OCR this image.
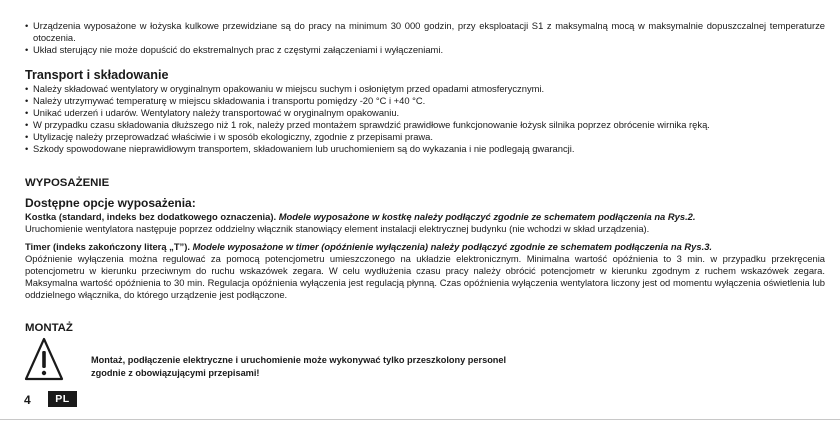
• Urządzenia wyposażone w łożyska kulkowe przewidziane są do pracy na minimum 30 000 godzin, przy eksploatacji S1 z maksymalną mocą w maksymalnie dopuszczalnej temperaturze otoczenia.
• Układ sterujący nie może dopuścić do ekstremalnych prac z częstymi załączeniami i wyłączeniami.
Transport i składowanie
• Należy składować wentylatory w oryginalnym opakowaniu w miejscu suchym i osłoniętym przed opadami atmosferycznymi.
• Należy utrzymywać temperaturę w miejscu składowania i transportu pomiędzy -20 °C i +40 °C.
• Unikać uderzeń i udarów. Wentylatory należy transportować w oryginalnym opakowaniu.
• W przypadku czasu składowania dłuższego niż 1 rok, należy przed montażem sprawdzić prawidłowe funkcjonowanie łożysk silnika poprzez obrócenie wirnika ręką.
• Utylizację należy przeprowadzać właściwie i w sposób ekologiczny, zgodnie z przepisami prawa.
• Szkody spowodowane nieprawidłowym transportem, składowaniem lub uruchomieniem są do wykazania i nie podlegają gwarancji.
WYPOSAŻENIE
Dostępne opcje wyposażenia:
Kostka (standard, indeks bez dodatkowego oznaczenia). Modele wyposażone w kostkę należy podłączyć zgodnie ze schematem podłączenia na Rys.2.
Uruchomienie wentylatora następuje poprzez oddzielny włącznik stanowiący element instalacji elektrycznej budynku (nie wchodzi w skład urządzenia).
Timer (indeks zakończony literą „T”). Modele wyposażone w timer (opóźnienie wyłączenia) należy podłączyć zgodnie ze schematem podłączenia na Rys.3.
Opóźnienie wyłączenia można regulować za pomocą potencjometru umieszczonego na układzie elektronicznym. Minimalna wartość opóźnienia to 3 min. w przypadku przekręcenia potencjometru w kierunku przeciwnym do ruchu wskazówek zegara. W celu wydłużenia czasu pracy należy obrócić potencjometr w kierunku zgodnym z ruchem wskazówek zegara. Maksymalna wartość opóźnienia to 30 min. Regulacja opóźnienia wyłączenia jest regulacją płynną. Czas opóźnienia wyłączenia wentylatora liczony jest od momentu wyłączenia oświetlenia lub oddzielnego włącznika, do którego urządzenie jest podłączone.
MONTAŻ
Montaż, podłączenie elektryczne i uruchomienie może wykonywać tylko przeszkolony personel
zgodnie z obowiązującymi przepisami!
4	PL
